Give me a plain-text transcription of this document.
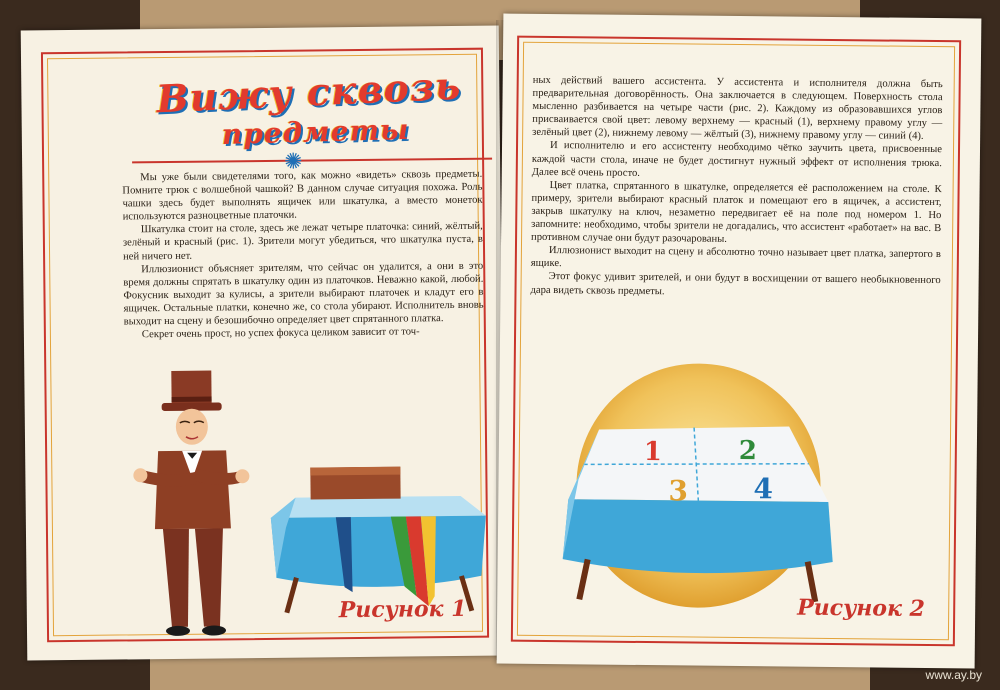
Вижу сквозь
предметы
✺

Мы уже были свидетелями того, как можно «видеть» сквозь предметы. Помните трюк с волшебной чашкой? В данном случае ситуация похожа. Роль чашки здесь будет выполнять ящичек или шкатулка, а вместо монеток используются разноцветные платочки.

Шкатулка стоит на столе, здесь же лежат четыре платочка: синий, жёлтый, зелёный и красный (рис. 1). Зрители могут убедиться, что шкатулка пуста, в ней ничего нет.

Иллюзионист объясняет зрителям, что сейчас он удалится, а они в это время должны спрятать в шкатулку один из платочков. Неважно какой, любой. Фокусник выходит за кулисы, а зрители выбирают платочек и кладут его в ящичек. Остальные платки, конечно же, со стола убирают. Исполнитель вновь выходит на сцену и безошибочно определяет цвет спрятанного платка.

Секрет очень прост, но успех фокуса целиком зависит от точ-

Рисунок 1

ных действий вашего ассистента. У ассистента и исполнителя должна быть предварительная договорённость. Она заключается в следующем. Поверхность стола мысленно разбивается на четыре части (рис. 2). Каждому из образовавшихся углов присваивается свой цвет: левому верхнему — красный (1), верхнему правому углу — зелёный цвет (2), нижнему левому — жёлтый (3), нижнему правому углу — синий (4).

И исполнителю и его ассистенту необходимо чётко заучить цвета, присвоенные каждой части стола, иначе не будет достигнут нужный эффект от исполнения трюка. Далее всё очень просто.

Цвет платка, спрятанного в шкатулке, определяется её расположением на столе. К примеру, зрители выбирают красный платок и помещают его в ящичек, а ассистент, закрыв шкатулку на ключ, незаметно передвигает её на поле под номером 1. Но запомните: необходимо, чтобы зрители не догадались, что ассистент «работает» на вас. В противном случае они будут разочарованы.

Иллюзионист выходит на сцену и абсолютно точно называет цвет платка, запертого в ящике.

Этот фокус удивит зрителей, и они будут в восхищении от вашего необыкновенного дара видеть сквозь предметы.

1	2
3 4
Рисунок 2
www.ay.by
